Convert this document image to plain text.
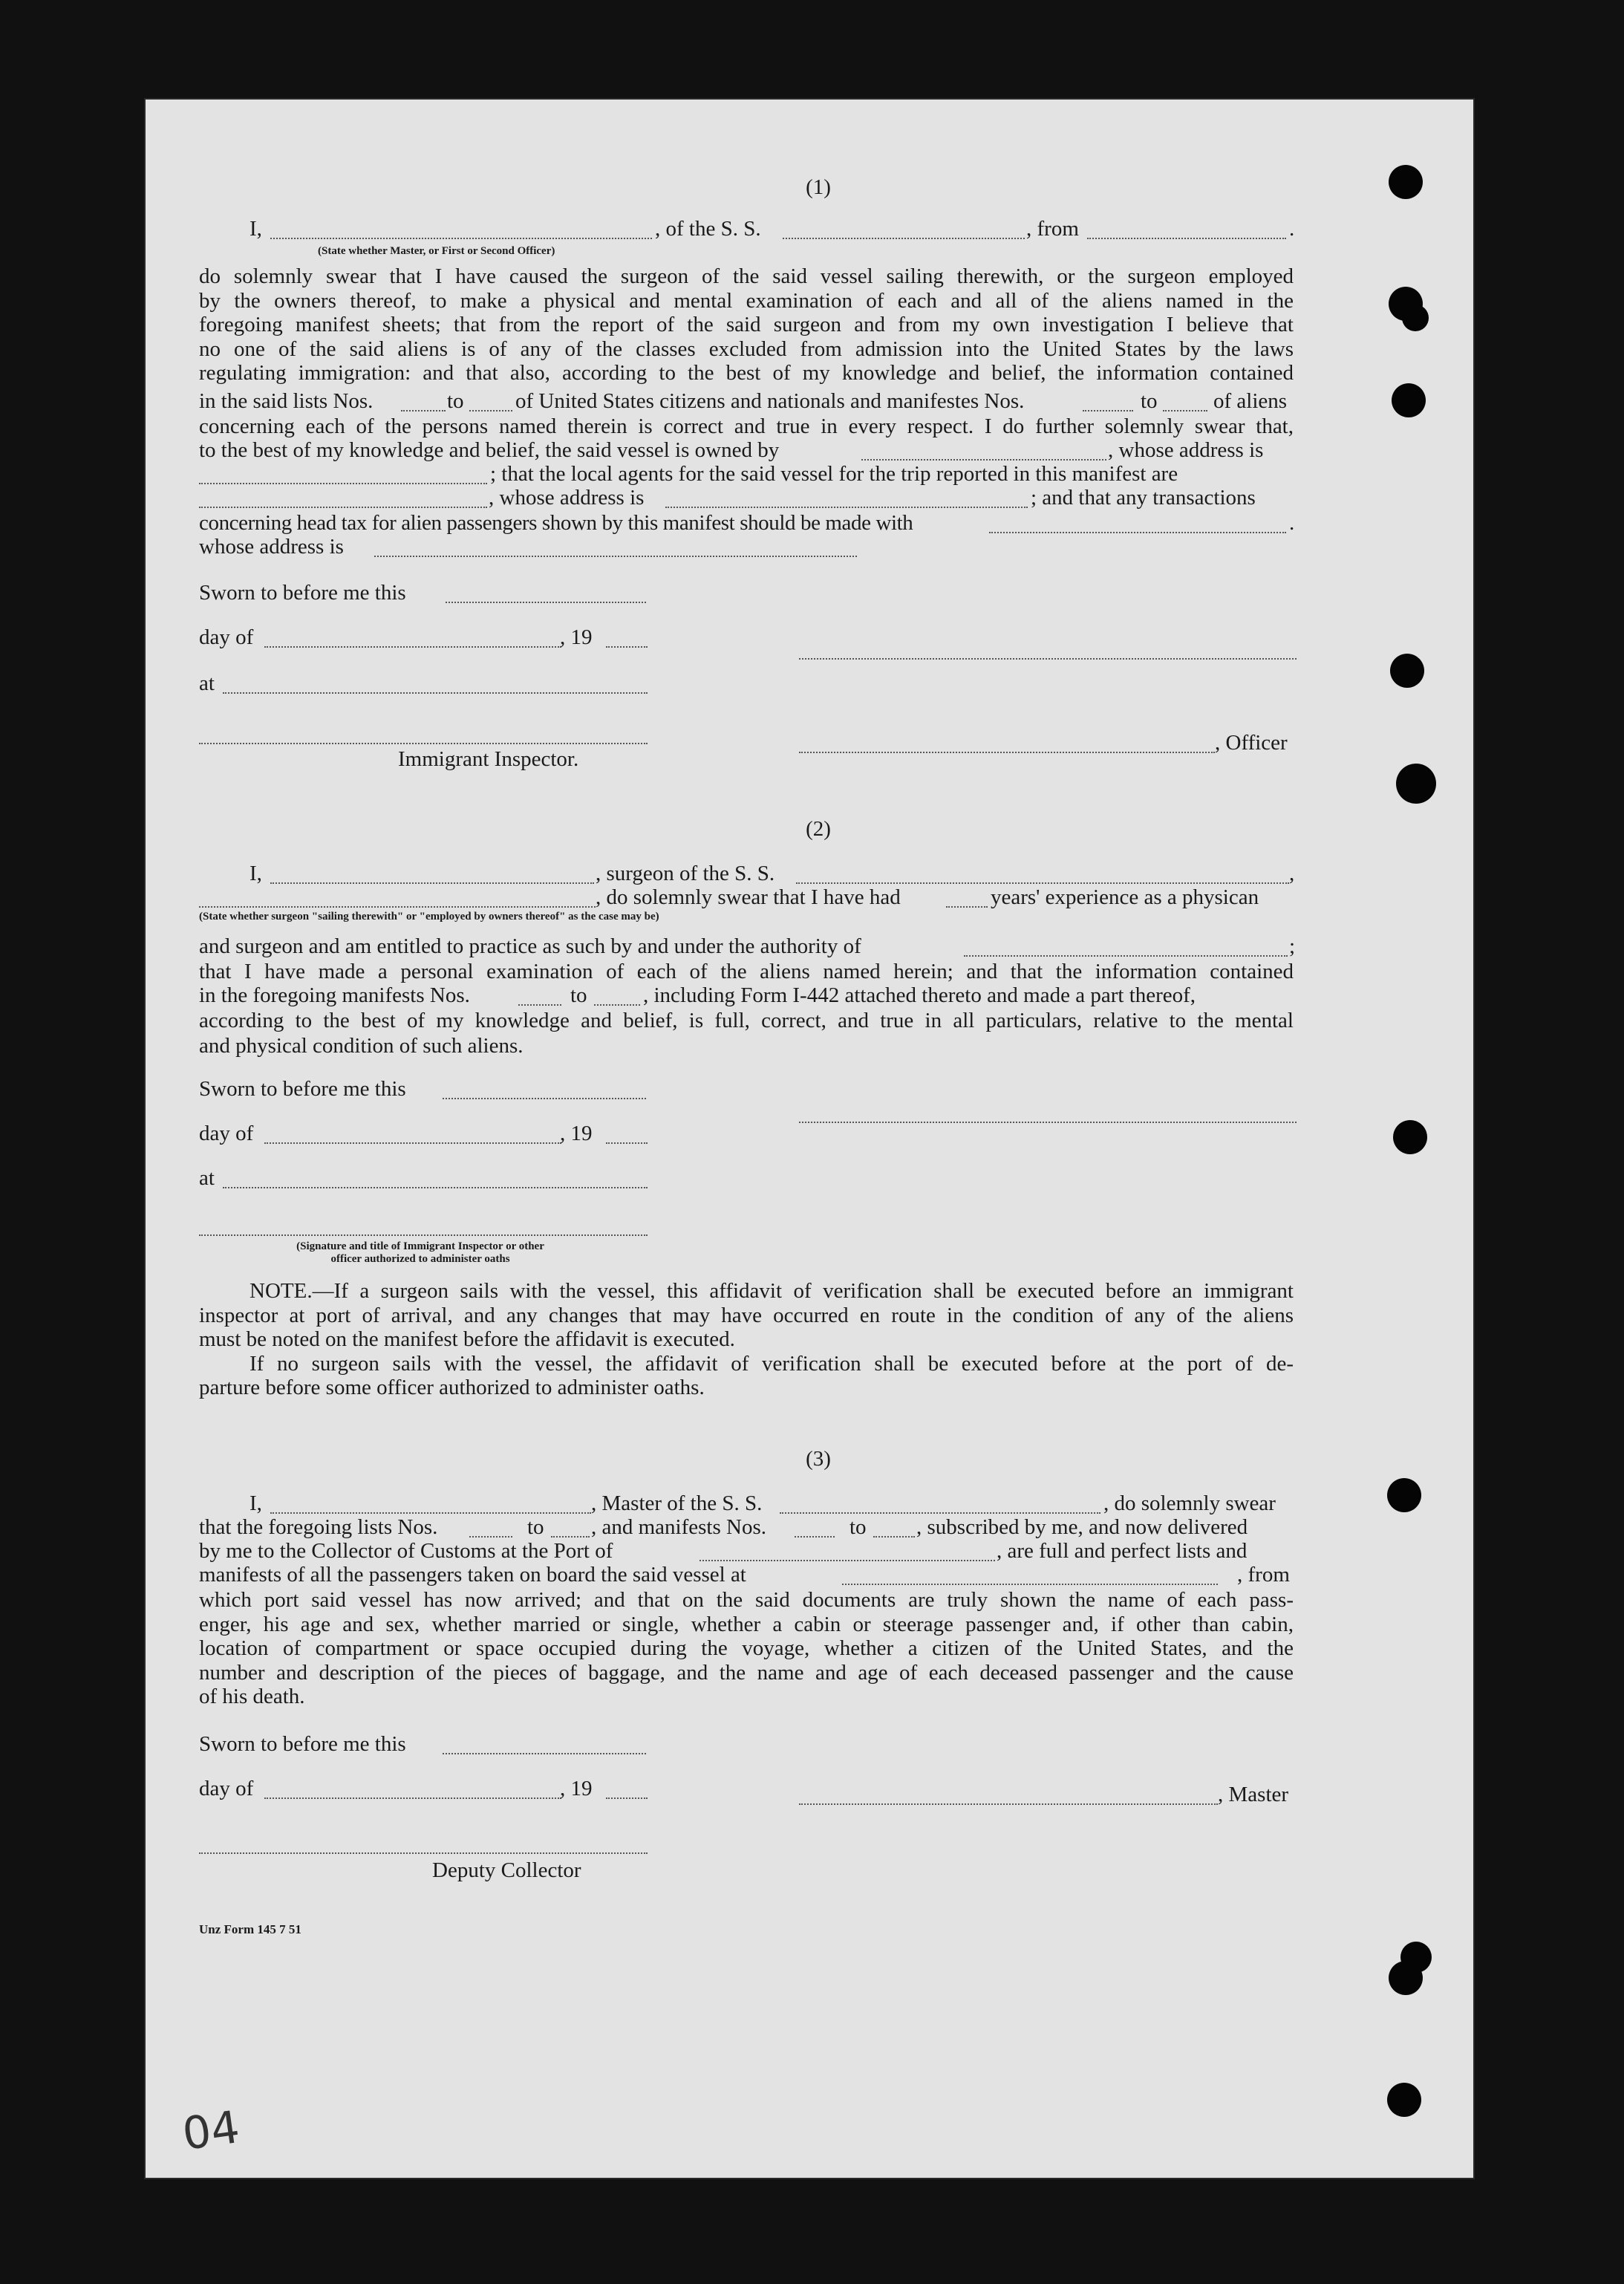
(1)
I,	, of the S. S.	, from	.
(State whether Master, or First or Second Officer)
do solemnly swear that I have caused the surgeon of the said vessel sailing therewith, or the surgeon employed
by the owners thereof, to make a physical and mental examination of each and all of the aliens named in the
foregoing manifest sheets; that from the report of the said surgeon and from my own investigation I believe that
no one of the said aliens is of any of the classes excluded from admission into the United States by the laws
regulating immigration: and that also, according to the best of my knowledge and belief, the information contained
in the said lists Nos.	to of United States citizens and nationals and manifestes Nos.	to	of aliens
concerning each of the persons named therein is correct and true in every respect. I do further solemnly swear that,
to the best of my knowledge and belief, the said vessel is owned by	, whose address is
; that the local agents for the said vessel for the trip reported in this manifest are
, whose address is	; and that any transactions
concerning head tax for alien passengers shown by this manifest should be made with	.
whose address is
Sworn to before me this
day of	, 19
at
, Officer
Immigrant Inspector.
(2)
I,	, surgeon of the S. S.	,
, do solemnly swear that I have had	years' experience as a physican
(State whether surgeon "sailing therewith" or "employed by owners thereof" as the case may be)
and surgeon and am entitled to practice as such by and under the authority of	;
that I have made a personal examination of each of the aliens named herein; and that the information contained
in the foregoing manifests Nos.	to	, including Form I-442 attached thereto and made a part thereof,
according to the best of my knowledge and belief, is full, correct, and true in all particulars, relative to the mental
and physical condition of such aliens.
Sworn to before me this
day of	, 19
at
(Signature and title of Immigrant Inspector or other
officer authorized to administer oaths
NOTE.—If a surgeon sails with the vessel, this affidavit of verification shall be executed before an immigrant
inspector at port of arrival, and any changes that may have occurred en route in the condition of any of the aliens
must be noted on the manifest before the affidavit is executed.
If no surgeon sails with the vessel, the affidavit of verification shall be executed before at the port of de-
parture before some officer authorized to administer oaths.
(3)
I,	, Master of the S. S.	, do solemnly swear
that the foregoing lists Nos.	to , and manifests Nos.	to , subscribed by me, and now delivered
by me to the Collector of Customs at the Port of	, are full and perfect lists and
manifests of all the passengers taken on board the said vessel at	, from
which port said vessel has now arrived; and that on the said documents are truly shown the name of each pass-
enger, his age and sex, whether married or single, whether a cabin or steerage passenger and, if other than cabin,
location of compartment or space occupied during the voyage, whether a citizen of the United States, and the
number and description of the pieces of baggage, and the name and age of each deceased passenger and the cause
of his death.
Sworn to before me this
day of	, 19	, Master
Deputy Collector
Unz Form 145 7 51
04
